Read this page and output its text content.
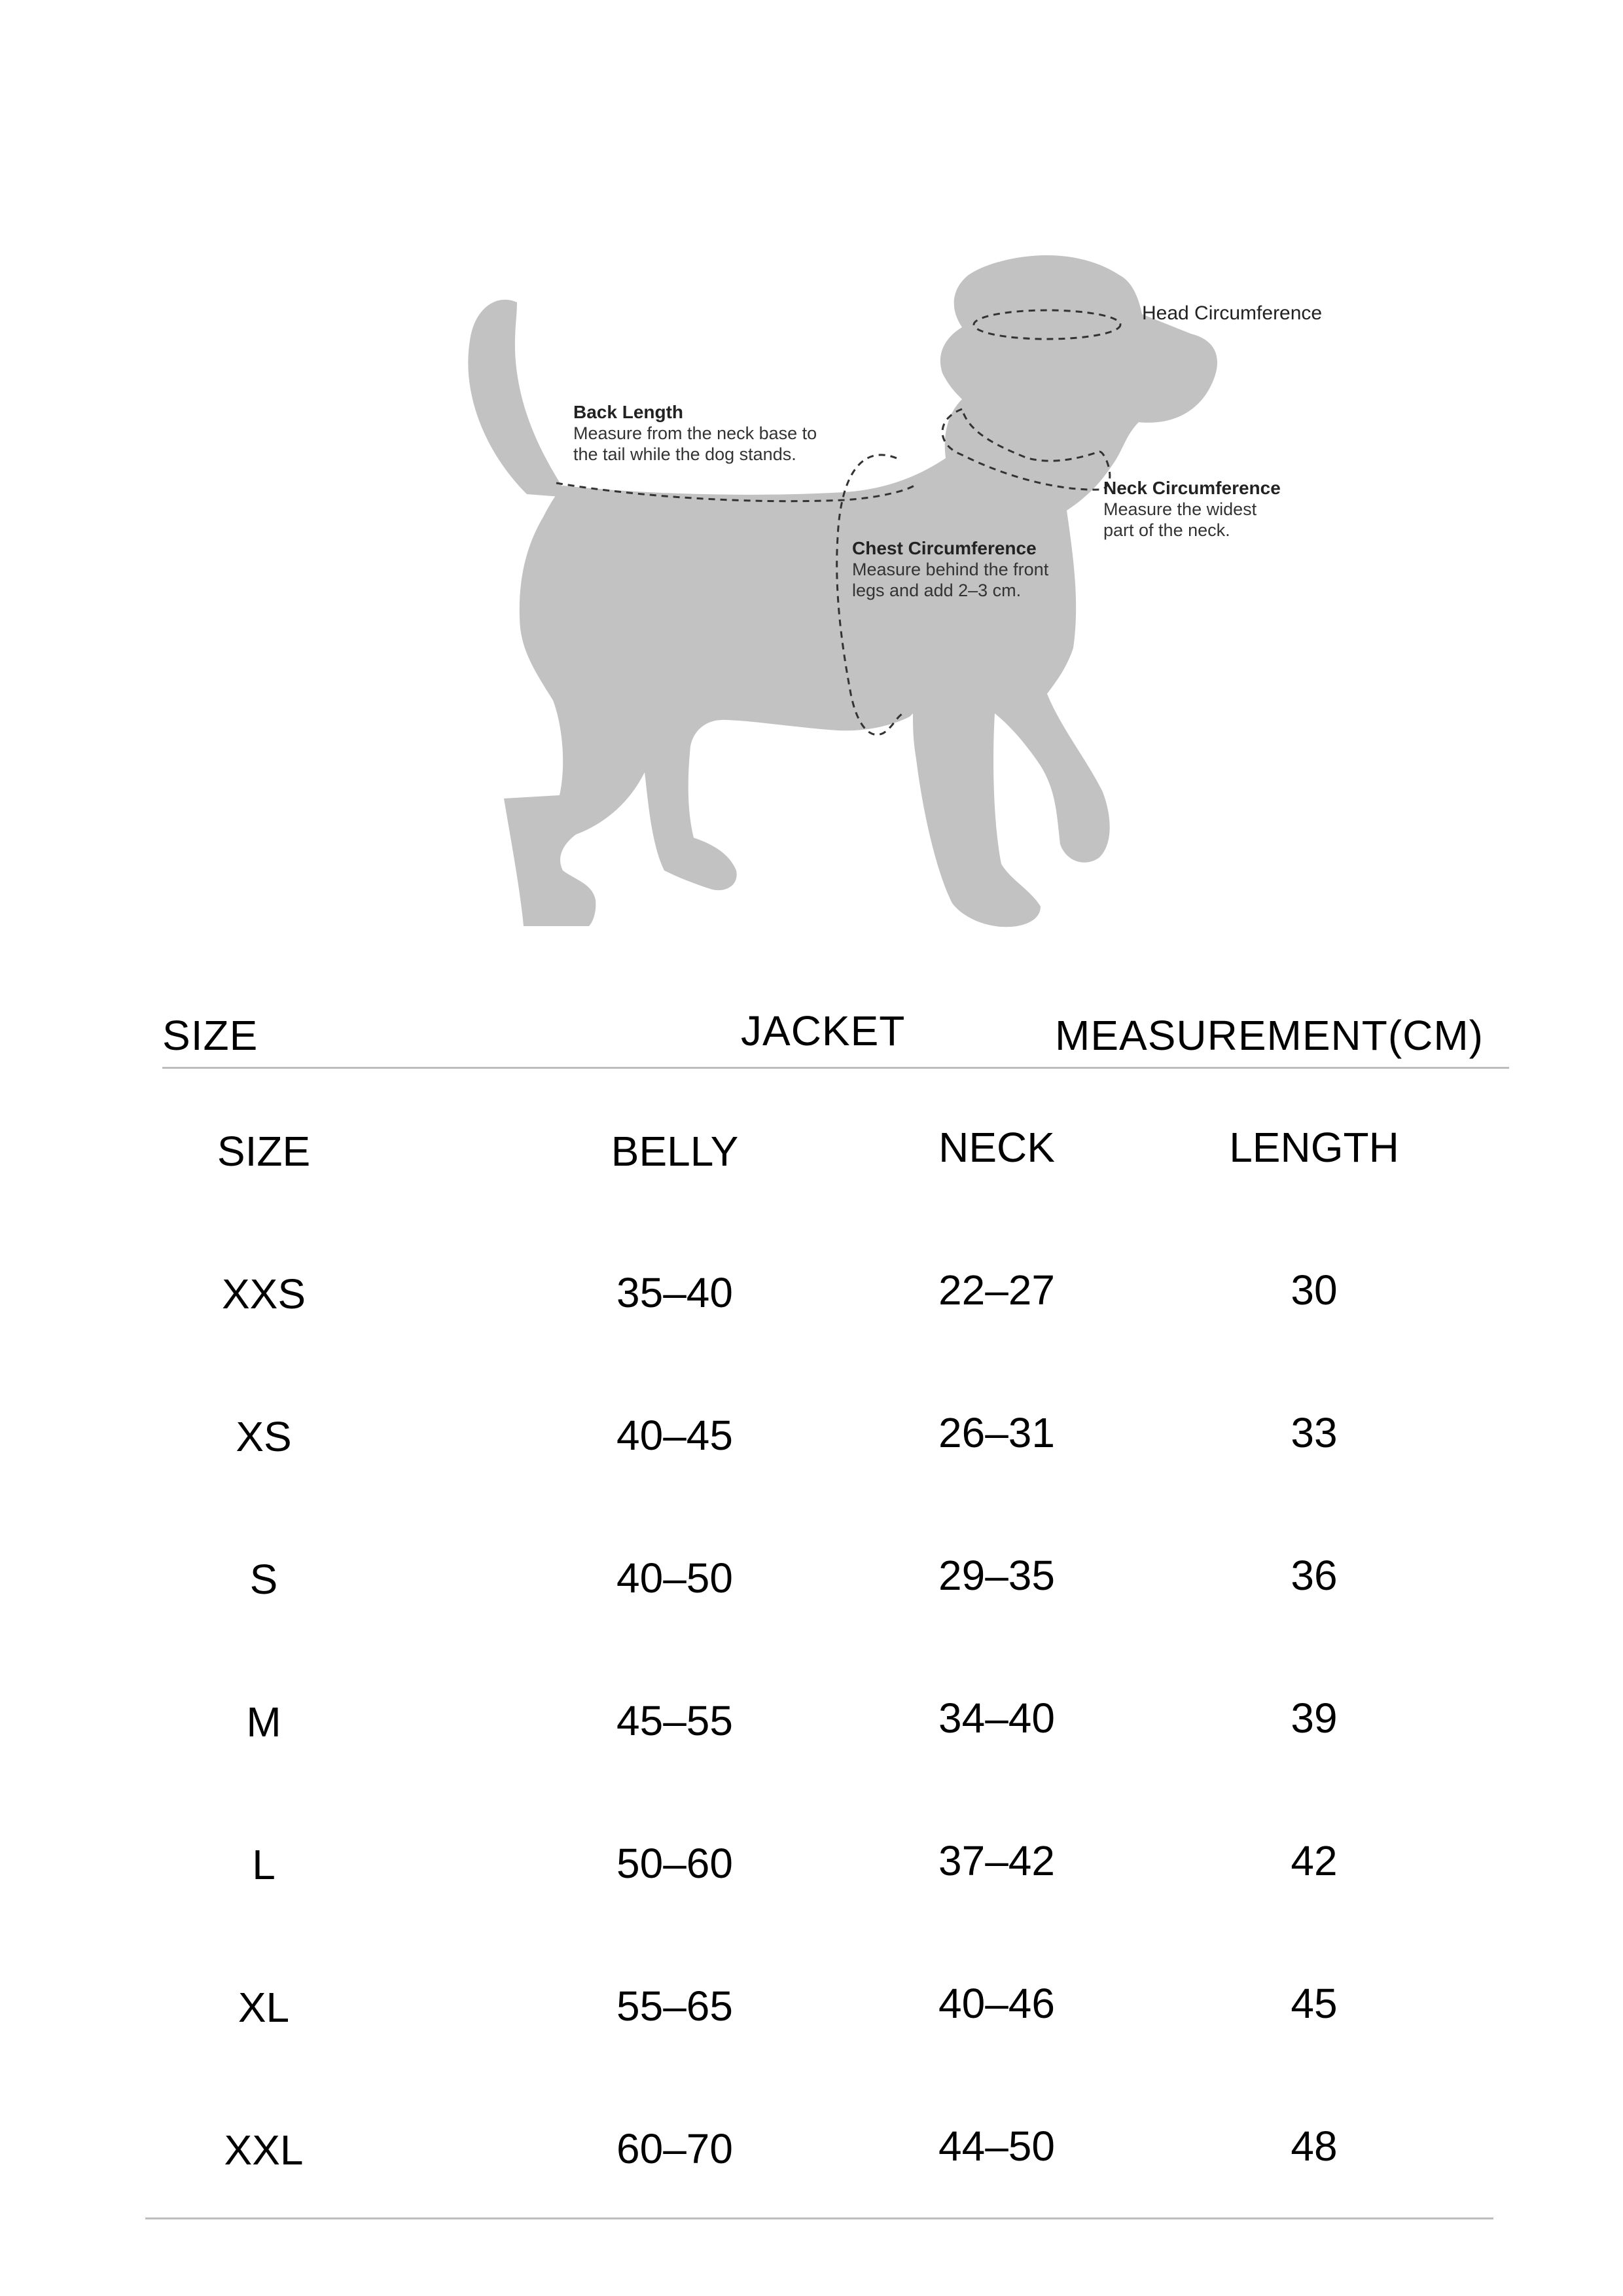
Head Circumference
Back Length
Measure from the neck base to
the tail while the dog stands.
Neck Circumference
Measure the widest
part of the neck.
Chest Circumference
Measure behind the front
legs and add 2–3 cm.
SIZE	JACKET	MEASUREMENT(CM)
SIZE	BELLY	NECK	LENGTH
XXS	35–40	22–27	30
XS	40–45	26–31	33
S	40–50	29–35	36
M	45–55	34–40	39
L	50–60	37–42	42
XL	55–65	40–46	45
XXL	60–70	44–50	48
